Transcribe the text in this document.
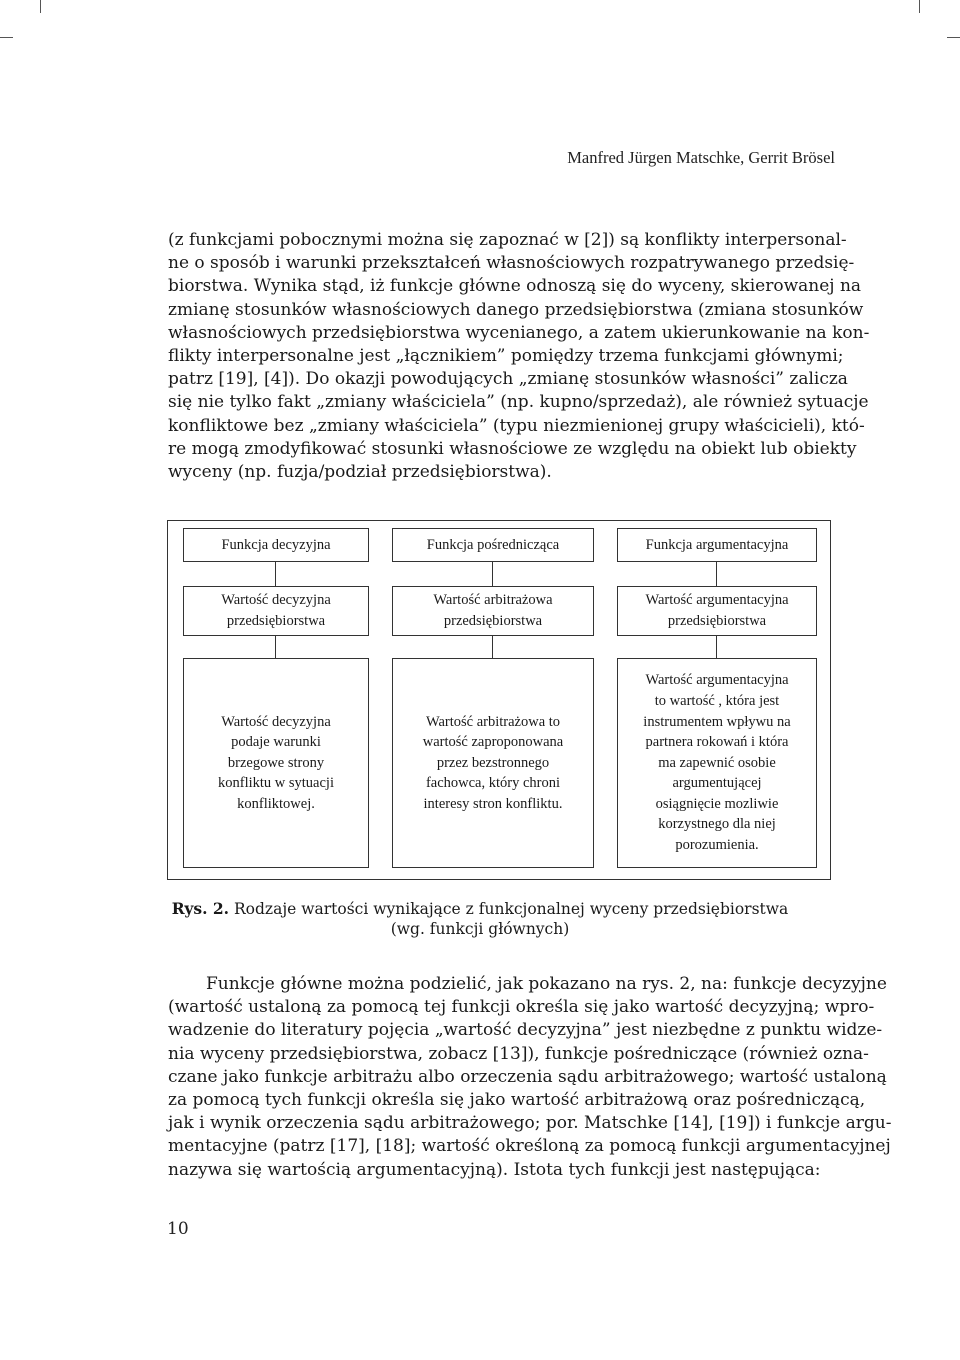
Manfred Jürgen Matschke, Gerrit Brösel
(z funkcjami pobocznymi można się zapoznać w [2]) są konflikty interpersonal-
ne o sposób i warunki przekształceń własnościowych rozpatrywanego przedsię-
biorstwa. Wynika stąd, iż funkcje główne odnoszą się do wyceny, skierowanej na
zmianę stosunków własnościowych danego przedsiębiorstwa (zmiana stosunków
własnościowych przedsiębiorstwa wycenianego, a zatem ukierunkowanie na kon-
flikty interpersonalne jest „łącznikiem” pomiędzy trzema funkcjami głównymi;
patrz [19], [4]). Do okazji powodujących „zmianę stosunków własności” zalicza
się nie tylko fakt „zmiany właściciela” (np. kupno/sprzedaż), ale również sytuacje
konfliktowe bez „zmiany właściciela” (typu niezmienionej grupy właścicieli), któ-
re mogą zmodyfikować stosunki własnościowe ze względu na obiekt lub obiekty
wyceny (np. fuzja/podział przedsiębiorstwa).
Funkcja decyzyjna
Wartość decyzyjna
przedsiębiorstwa
Wartość decyzyjna
podaje warunki
brzegowe strony
konfliktu w sytuacji
konfliktowej.
Funkcja pośrednicząca
Wartość arbitrażowa
przedsiębiorstwa
Wartość arbitrażowa to
wartość zaproponowana
przez bezstronnego
fachowca, który chroni
interesy stron konfliktu.
Funkcja argumentacyjna
Wartość argumentacyjna
przedsiębiorstwa
Wartość argumentacyjna
to wartość , która jest
instrumentem wpływu na
partnera rokowań i która
ma zapewnić osobie
argumentującej
osiągnięcie mozliwie
korzystnego dla niej
porozumienia.
Rys. 2. Rodzaje wartości wynikające z funkcjonalnej wyceny przedsiębiorstwa
(wg. funkcji głównych)
Funkcje główne można podzielić, jak pokazano na rys. 2, na: funkcje decyzyjne
(wartość ustaloną za pomocą tej funkcji określa się jako wartość decyzyjną; wpro-
wadzenie do literatury pojęcia „wartość decyzyjna” jest niezbędne z punktu widze-
nia wyceny przedsiębiorstwa, zobacz [13]), funkcje pośredniczące (również ozna-
czane jako funkcje arbitrażu albo orzeczenia sądu arbitrażowego; wartość ustaloną
za pomocą tych funkcji określa się jako wartość arbitrażową oraz pośredniczącą,
jak i wynik orzeczenia sądu arbitrażowego; por. Matschke [14], [19]) i funkcje argu-
mentacyjne (patrz [17], [18]; wartość określoną za pomocą funkcji argumentacyjnej
nazywa się wartością argumentacyjną). Istota tych funkcji jest następująca:
10
